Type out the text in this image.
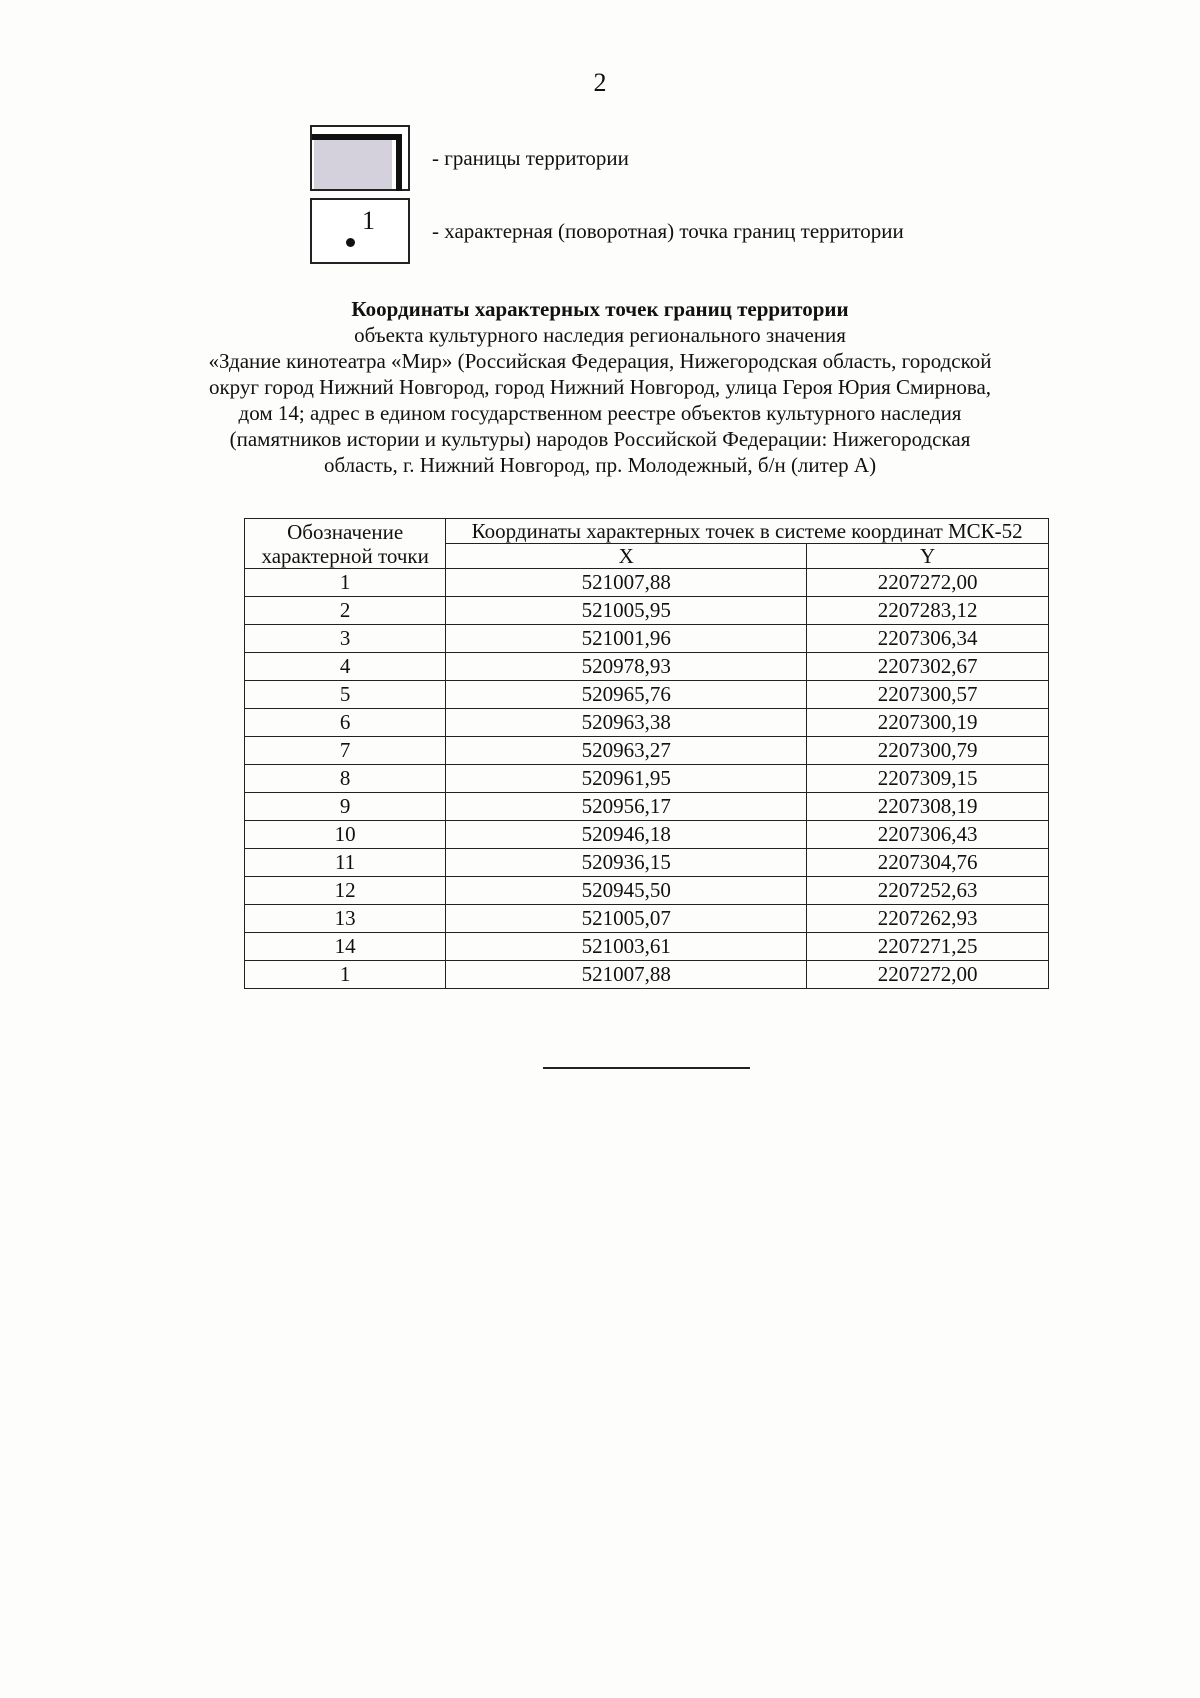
2
- границы территории
1	- характерная (поворотная) точка границ территории
Координаты характерных точек границ территории
объекта культурного наследия регионального значения
«Здание кинотеатра «Мир» (Российская Федерация, Нижегородская область, городской
округ город Нижний Новгород, город Нижний Новгород, улица Героя Юрия Смирнова,
дом 14; адрес в едином государственном реестре объектов культурного наследия
(памятников истории и культуры) народов Российской Федерации: Нижегородская
область, г. Нижний Новгород, пр. Молодежный, б/н (литер А)
Обозначение характерной точки	Координаты характерных точек в системе координат МСК-52	
	X	Y
1	521007,88	2207272,00
2	521005,95	2207283,12
3	521001,96	2207306,34
4	520978,93	2207302,67
5	520965,76	2207300,57
6	520963,38	2207300,19
7	520963,27	2207300,79
8	520961,95	2207309,15
9	520956,17	2207308,19
10	520946,18	2207306,43
11	520936,15	2207304,76
12	520945,50	2207252,63
13	521005,07	2207262,93
14	521003,61	2207271,25
1	521007,88	2207272,00
